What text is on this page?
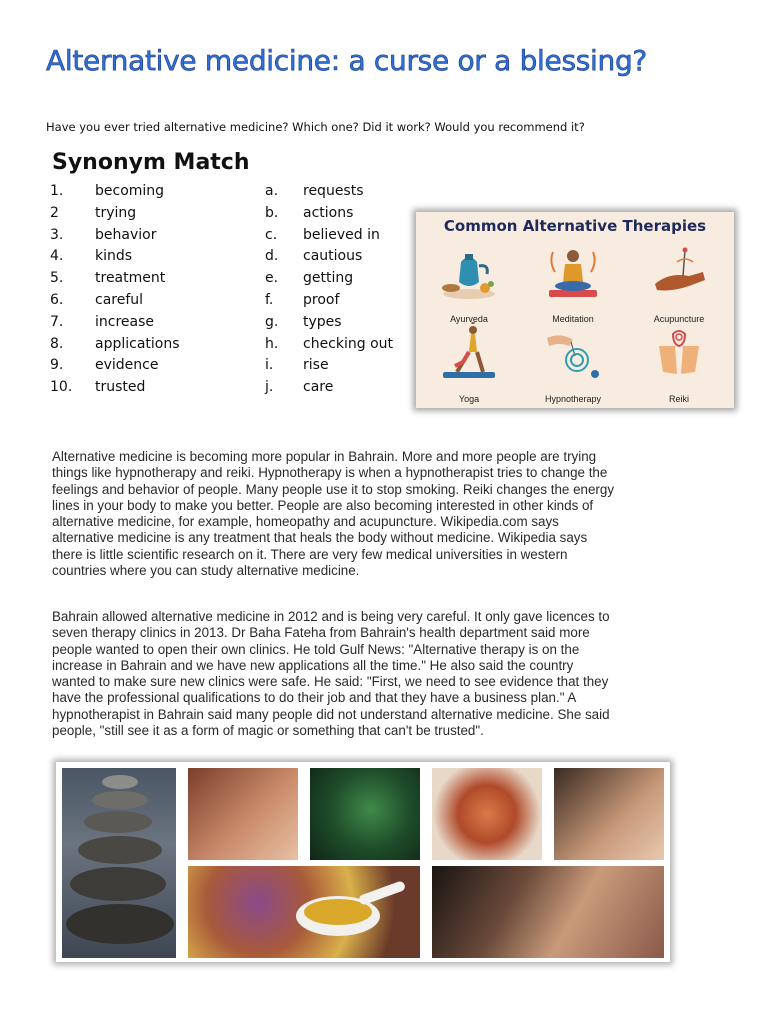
Alternative medicine: a curse or a blessing?
Have you ever tried alternative medicine? Which one? Did it work? Would you recommend it?
Synonym Match
1. becoming	a. requests
2	trying	b. actions
3. behavior	c. believed in
4. kinds	d. cautious
5. treatment	e. getting
6. careful	f. proof
7. increase	g. types
8. applications	h. checking out
9. evidence	i. rise
10. trusted	j. care
Common Alternative Therapies
Ayurveda	Meditation	Acupuncture
Yoga	Hypnotherapy	Reiki
Alternative medicine is becoming more popular in Bahrain. More and more people are trying things like hypnotherapy and reiki. Hypnotherapy is when a hypnotherapist tries to change the feelings and behavior of people. Many people use it to stop smoking. Reiki changes the energy lines in your body to make you better. People are also becoming interested in other kinds of alternative medicine, for example, homeopathy and acupuncture. Wikipedia.com says alternative medicine is any treatment that heals the body without medicine. Wikipedia says there is little scientific research on it. There are very few medical universities in western countries where you can study alternative medicine.
Bahrain allowed alternative medicine in 2012 and is being very careful. It only gave licences to seven therapy clinics in 2013. Dr Baha Fateha from Bahrain's health department said more people wanted to open their own clinics. He told Gulf News: "Alternative therapy is on the increase in Bahrain and we have new applications all the time." He also said the country wanted to make sure new clinics were safe. He said: "First, we need to see evidence that they have the professional qualifications to do their job and that they have a business plan." A hypnotherapist in Bahrain said many people did not understand alternative medicine. She said people, "still see it as a form of magic or something that can't be trusted".
